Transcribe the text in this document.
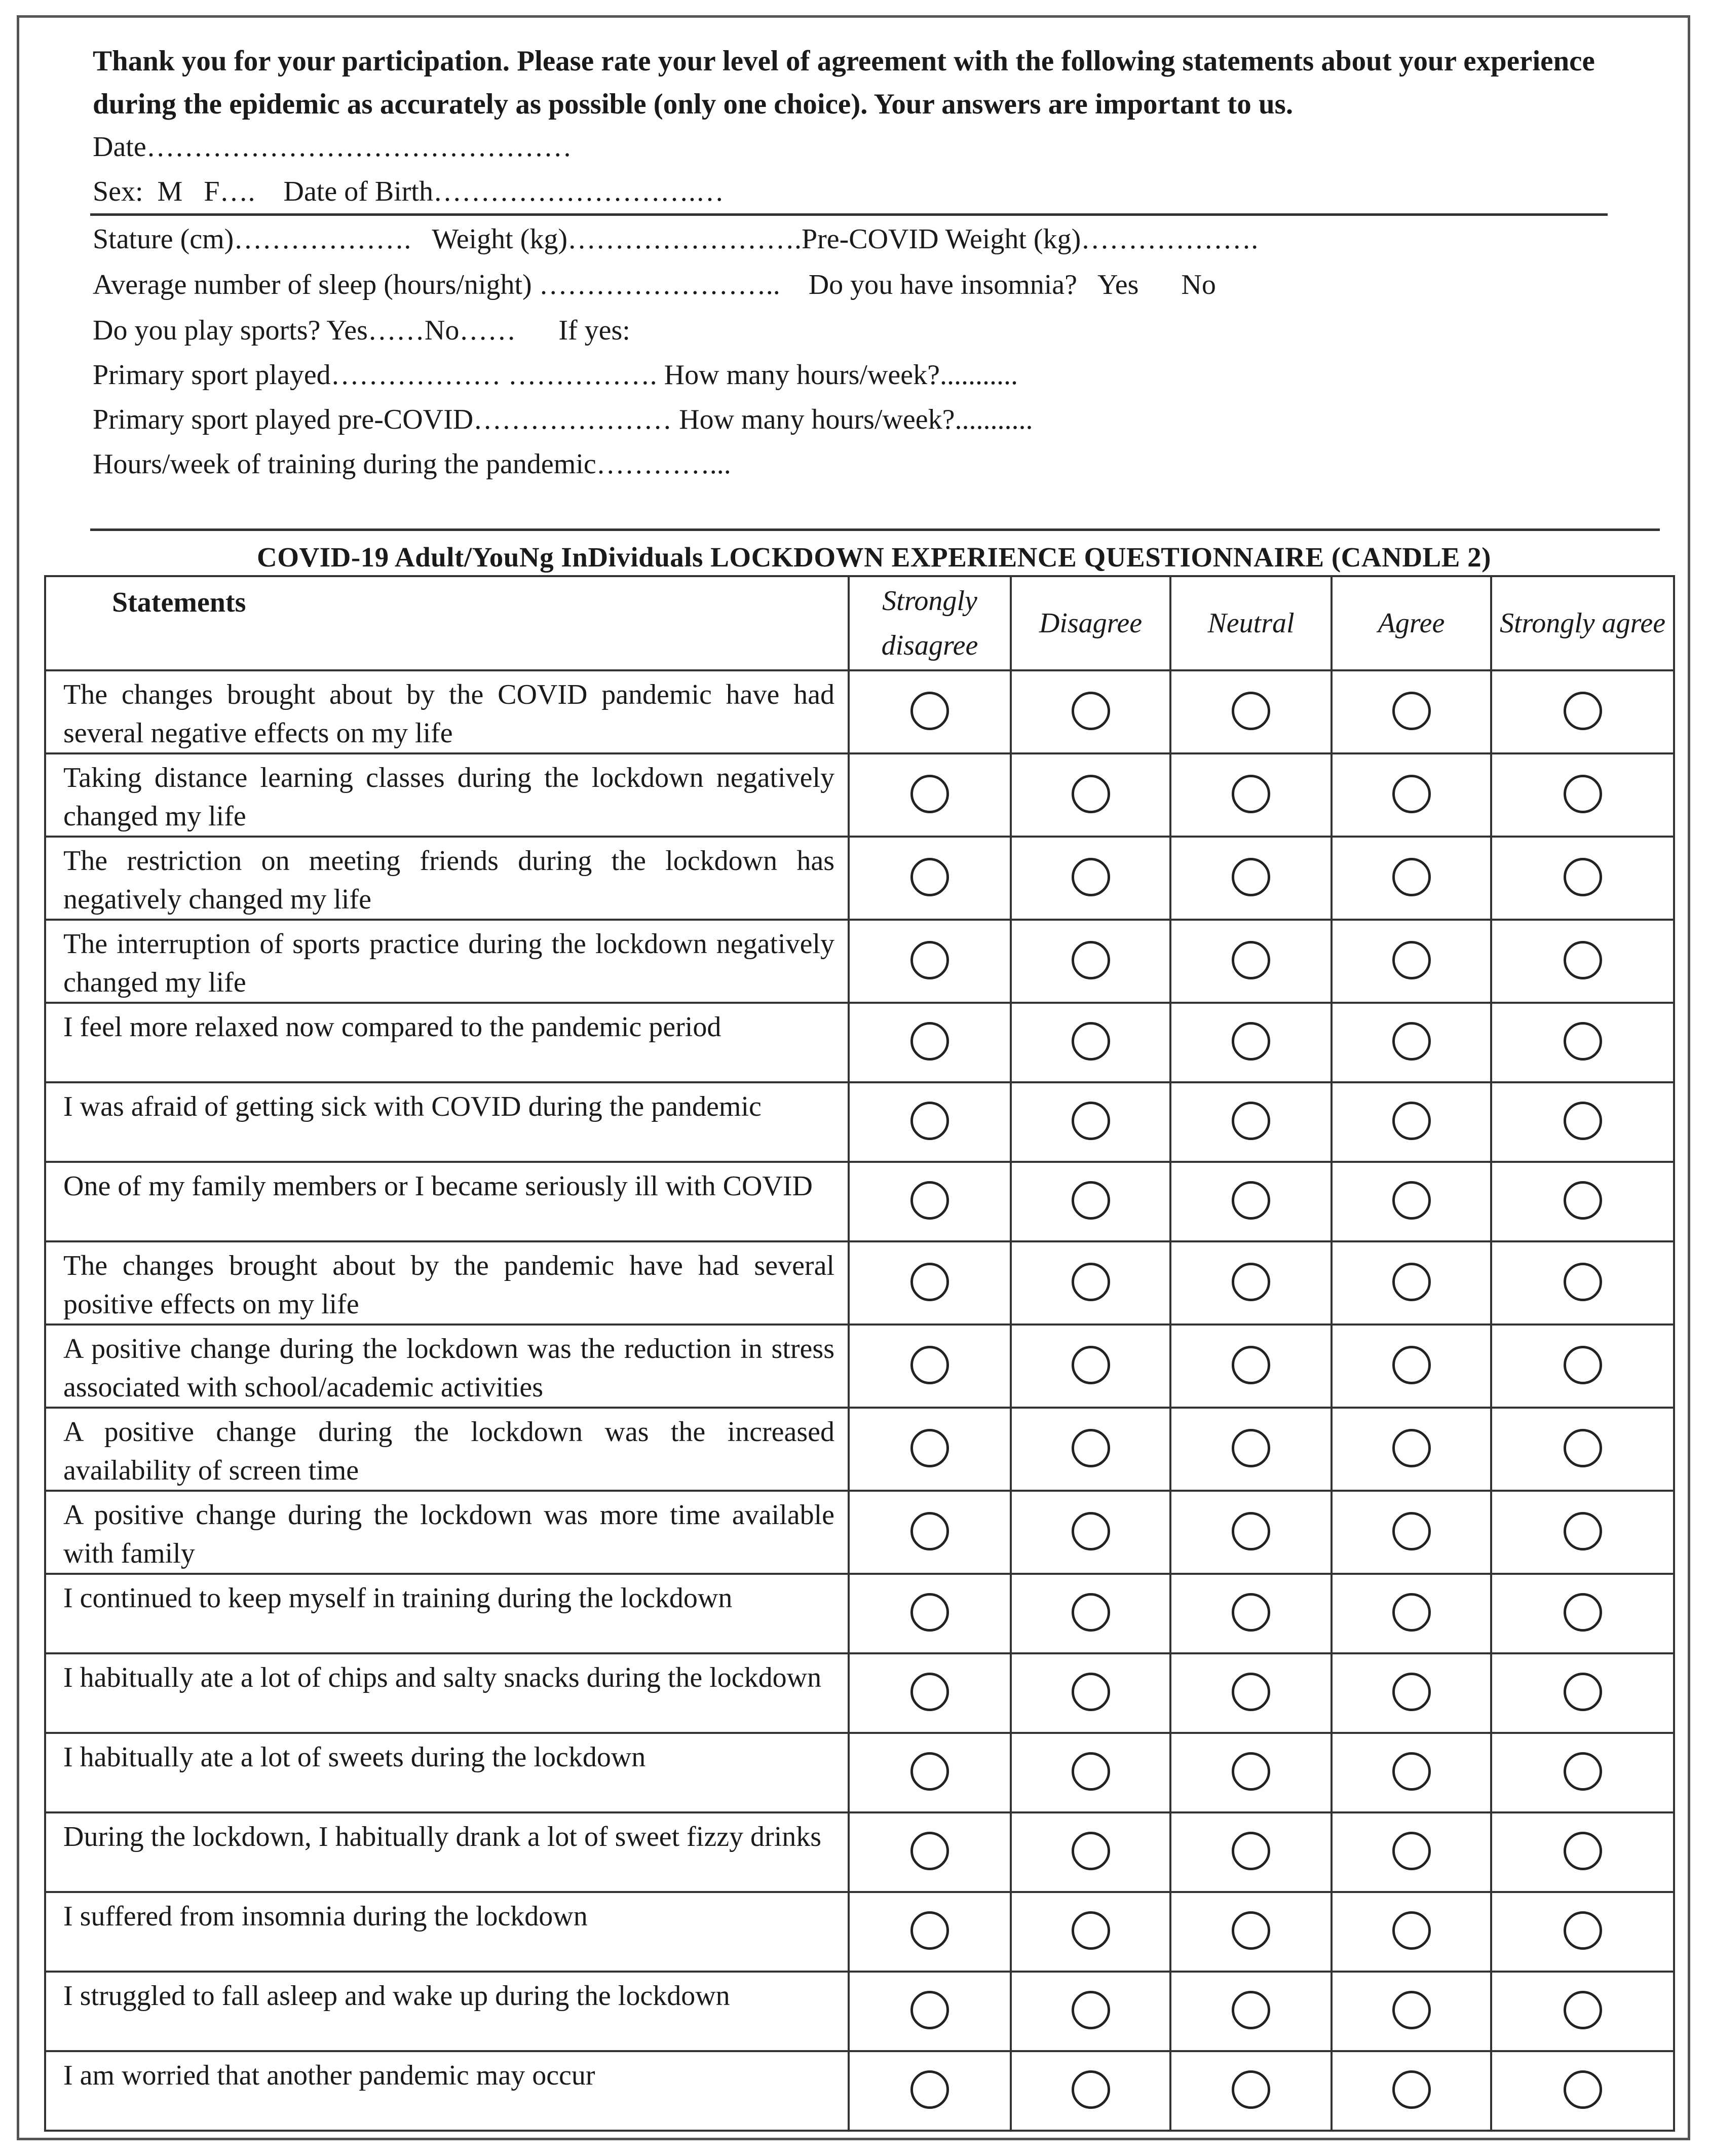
Thank you for your participation. Please rate your level of agreement with the following statements about your experience during the epidemic as accurately as possible (only one choice). Your answers are important to us.
Date………………………………………
Sex:  M   F….    Date of Birth……………………….…
Stature (cm)……………….   Weight (kg)…………………….Pre-COVID Weight (kg)……………….
Average number of sleep (hours/night) ……………………..    Do you have insomnia?   Yes      No
Do you play sports? Yes……No……      If yes:
Primary sport played……………… ……………. How many hours/week?...........
Primary sport played pre-COVID………………… How many hours/week?...........
Hours/week of training during the pandemic…………...
COVID-19 Adult/YouNg InDividuals LOCKDOWN EXPERIENCE QUESTIONNAIRE (CANDLE 2)
Statements	Strongly disagree	Disagree	Neutral	Agree	Strongly agree
The changes brought about by the COVID pandemic have had several negative effects on my life					
Taking distance learning classes during the lockdown negatively changed my life					
The restriction on meeting friends during the lockdown has negatively changed my life					
The interruption of sports practice during the lockdown negatively changed my life					
I feel more relaxed now compared to the pandemic period					
I was afraid of getting sick with COVID during the pandemic					
One of my family members or I became seriously ill with COVID					
The changes brought about by the pandemic have had several positive effects on my life					
A positive change during the lockdown was the reduction in stress associated with school/academic activities					
A positive change during the lockdown was the increased availability of screen time					
A positive change during the lockdown was more time available with family					
I continued to keep myself in training during the lockdown					
I habitually ate a lot of chips and salty snacks during the lockdown					
I habitually ate a lot of sweets during the lockdown					
During the lockdown, I habitually drank a lot of sweet fizzy drinks					
I suffered from insomnia during the lockdown					
I struggled to fall asleep and wake up during the lockdown					
I am worried that another pandemic may occur					
